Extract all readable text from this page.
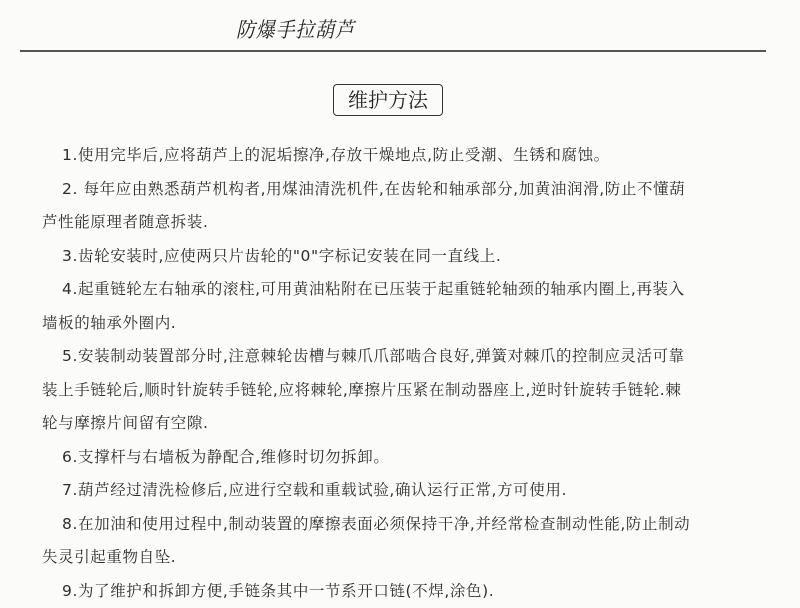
防爆手拉葫芦
维护方法
1.使用完毕后,应将葫芦上的泥垢擦净,存放干燥地点,防止受潮、生锈和腐蚀。
2. 每年应由熟悉葫芦机构者,用煤油清洗机件,在齿轮和轴承部分,加黄油润滑,防止不懂葫
芦性能原理者随意拆装.
3.齿轮安装时,应使两只片齿轮的"0"字标记安装在同一直线上.
4.起重链轮左右轴承的滚柱,可用黄油粘附在已压装于起重链轮轴颈的轴承内圈上,再装入
墙板的轴承外圈内.
5.安装制动装置部分时,注意棘轮齿槽与棘爪爪部啮合良好,弹簧对棘爪的控制应灵活可靠
装上手链轮后,顺时针旋转手链轮,应将棘轮,摩擦片压紧在制动器座上,逆时针旋转手链轮.棘
轮与摩擦片间留有空隙.
6.支撑杆与右墙板为静配合,维修时切勿拆卸。
7.葫芦经过清洗检修后,应进行空载和重载试验,确认运行正常,方可使用.
8.在加油和使用过程中,制动装置的摩擦表面必须保持干净,并经常检查制动性能,防止制动
失灵引起重物自坠.
9.为了维护和拆卸方便,手链条其中一节系开口链(不焊,涂色).
